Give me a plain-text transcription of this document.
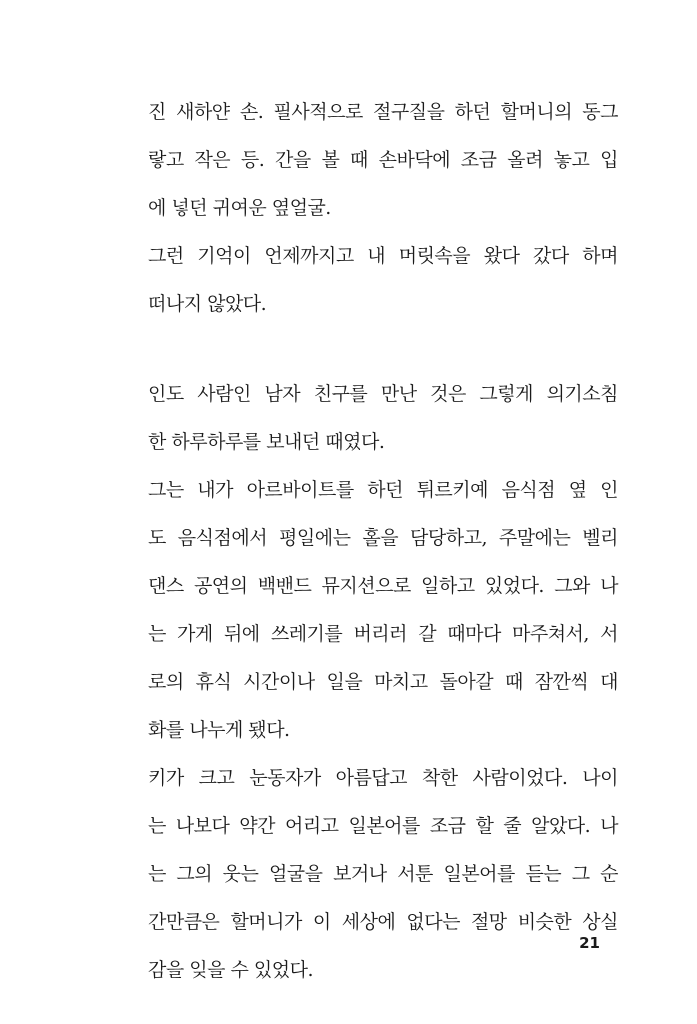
진 새하얀 손. 필사적으로 절구질을 하던 할머니의 동그
랗고 작은 등. 간을 볼 때 손바닥에 조금 올려 놓고 입
에 넣던 귀여운 옆얼굴.
그런 기억이 언제까지고 내 머릿속을 왔다 갔다 하며
떠나지 않았다.
인도 사람인 남자 친구를 만난 것은 그렇게 의기소침
한 하루하루를 보내던 때였다.
그는 내가 아르바이트를 하던 튀르키예 음식점 옆 인
도 음식점에서 평일에는 홀을 담당하고, 주말에는 벨리
댄스 공연의 백밴드 뮤지션으로 일하고 있었다. 그와 나
는 가게 뒤에 쓰레기를 버리러 갈 때마다 마주쳐서, 서
로의 휴식 시간이나 일을 마치고 돌아갈 때 잠깐씩 대
화를 나누게 됐다.
키가 크고 눈동자가 아름답고 착한 사람이었다. 나이
는 나보다 약간 어리고 일본어를 조금 할 줄 알았다. 나
는 그의 웃는 얼굴을 보거나 서툰 일본어를 듣는 그 순
간만큼은 할머니가 이 세상에 없다는 절망 비슷한 상실
감을 잊을 수 있었다.
21
